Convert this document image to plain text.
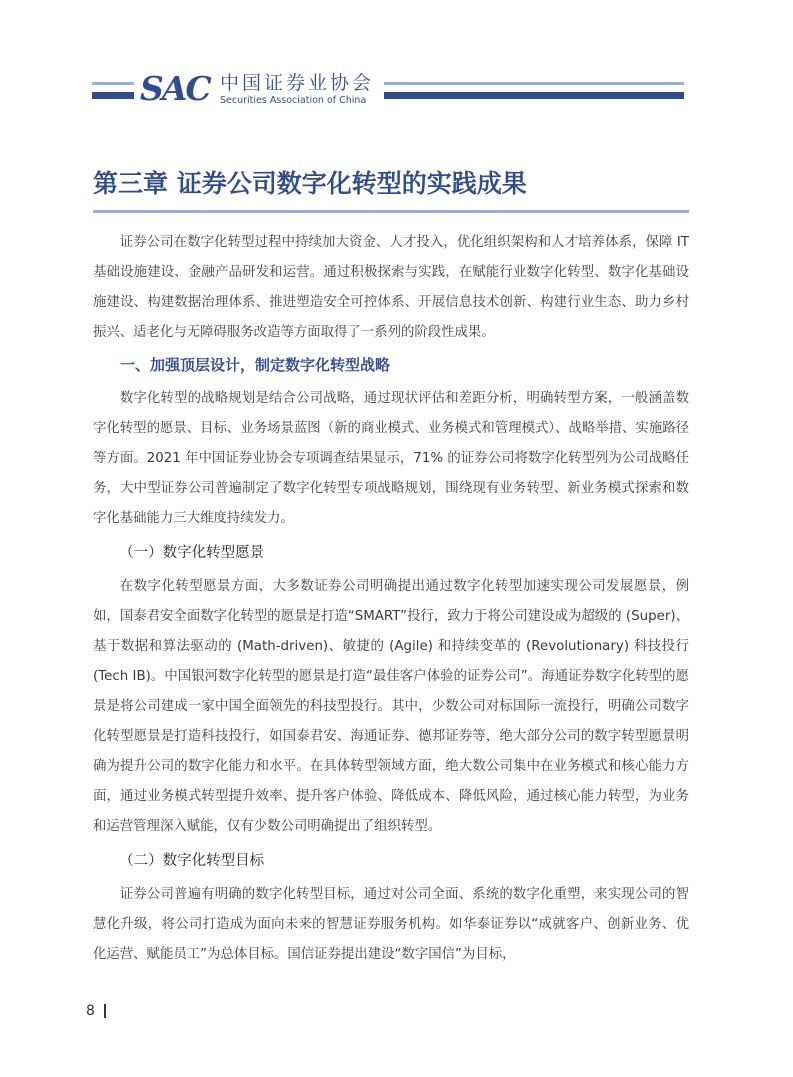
SAC 中国证券业协会
Securities Association of China
第三章 证券公司数字化转型的实践成果

证券公司在数字化转型过程中持续加大资金、人才投入，优化组织架构和人才培养体系，保障 IT 基础设施建设、金融产品研发和运营。通过积极探索与实践，在赋能行业数字化转型、数字化基础设施建设、构建数据治理体系、推进塑造安全可控体系、开展信息技术创新、构建行业生态、助力乡村振兴、适老化与无障碍服务改造等方面取得了一系列的阶段性成果。

一、加强顶层设计，制定数字化转型战略

数字化转型的战略规划是结合公司战略，通过现状评估和差距分析，明确转型方案，一般涵盖数字化转型的愿景、目标、业务场景蓝图（新的商业模式、业务模式和管理模式）、战略举措、实施路径等方面。2021 年中国证券业协会专项调查结果显示，71% 的证券公司将数字化转型列为公司战略任务，大中型证券公司普遍制定了数字化转型专项战略规划，围绕现有业务转型、新业务模式探索和数字化基础能力三大维度持续发力。

（一）数字化转型愿景

在数字化转型愿景方面，大多数证券公司明确提出通过数字化转型加速实现公司发展愿景，例如，国泰君安全面数字化转型的愿景是打造“SMART”投行，致力于将公司建设成为超级的 (Super)、基于数据和算法驱动的 (Math-driven)、敏捷的 (Agile) 和持续变革的 (Revolutionary) 科技投行 (Tech IB)。中国银河数字化转型的愿景是打造“最佳客户体验的证券公司”。海通证券数字化转型的愿景是将公司建成一家中国全面领先的科技型投行。其中，少数公司对标国际一流投行，明确公司数字化转型愿景是打造科技投行，如国泰君安、海通证券、德邦证券等，绝大部分公司的数字转型愿景明确为提升公司的数字化能力和水平。在具体转型领域方面，绝大数公司集中在业务模式和核心能力方面，通过业务模式转型提升效率、提升客户体验、降低成本、降低风险，通过核心能力转型，为业务和运营管理深入赋能，仅有少数公司明确提出了组织转型。

（二）数字化转型目标

证券公司普遍有明确的数字化转型目标，通过对公司全面、系统的数字化重塑，来实现公司的智慧化升级，将公司打造成为面向未来的智慧证券服务机构。如华泰证券以“成就客户、创新业务、优化运营、赋能员工”为总体目标。国信证券提出建设“数字国信”为目标，

8
